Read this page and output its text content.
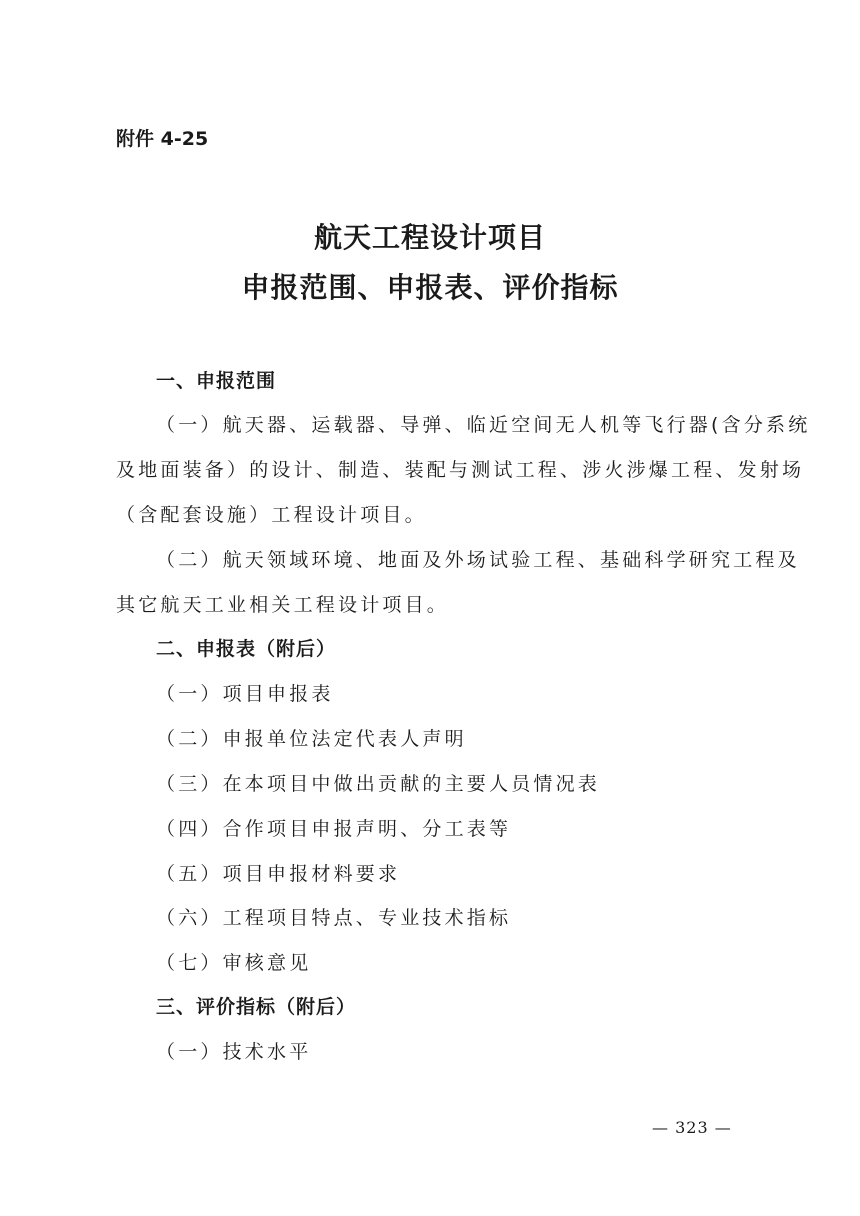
附件 4-25
航天工程设计项目
申报范围、申报表、评价指标
一、申报范围
（一）航天器、运载器、导弹、临近空间无人机等飞行器(含分系统
及地面装备）的设计、制造、装配与测试工程、涉火涉爆工程、发射场
（含配套设施）工程设计项目。
（二）航天领域环境、地面及外场试验工程、基础科学研究工程及
其它航天工业相关工程设计项目。
二、申报表（附后）
（一）项目申报表
（二）申报单位法定代表人声明
（三）在本项目中做出贡献的主要人员情况表
（四）合作项目申报声明、分工表等
（五）项目申报材料要求
（六）工程项目特点、专业技术指标
（七）审核意见
三、评价指标（附后）
（一）技术水平
— 323 —
